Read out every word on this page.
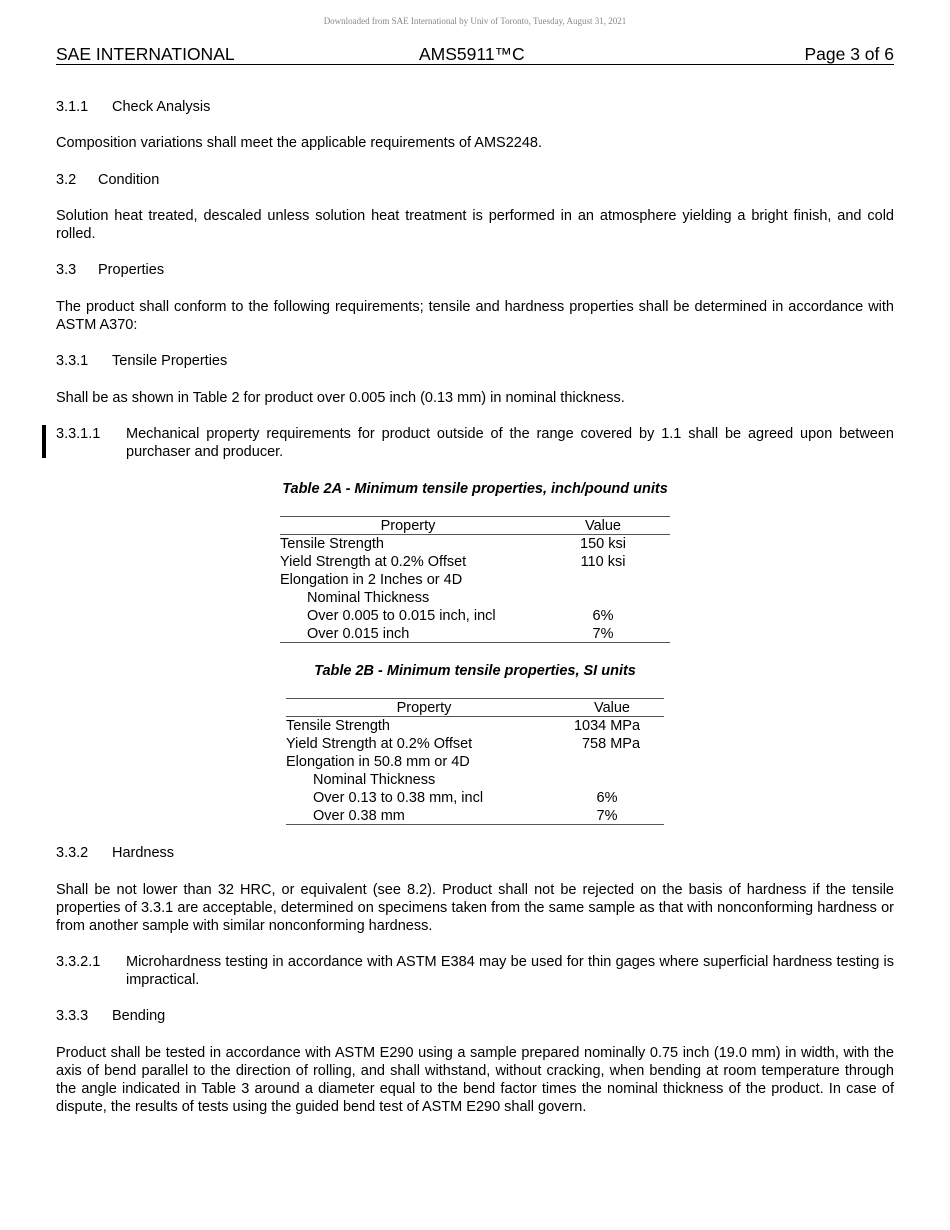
Downloaded from SAE International by Univ of Toronto, Tuesday, August 31, 2021
SAE INTERNATIONAL	AMS5911™C	Page 3 of 6
3.1.1 Check Analysis
Composition variations shall meet the applicable requirements of AMS2248.
3.2 Condition
Solution heat treated, descaled unless solution heat treatment is performed in an atmosphere yielding a bright finish, and cold rolled.
3.3 Properties
The product shall conform to the following requirements; tensile and hardness properties shall be determined in accordance with ASTM A370:
3.3.1 Tensile Properties
Shall be as shown in Table 2 for product over 0.005 inch (0.13 mm) in nominal thickness.
3.3.1.1 Mechanical property requirements for product outside of the range covered by 1.1 shall be agreed upon between purchaser and producer.
Table 2A - Minimum tensile properties, inch/pound units
Property	Value
Tensile Strength	150 ksi
Yield Strength at 0.2% Offset	110 ksi
Elongation in 2 Inches or 4D
Nominal Thickness
Over 0.005 to 0.015 inch, incl	6%
Over 0.015 inch	7%
Table 2B - Minimum tensile properties, SI units
Property	Value
Tensile Strength	1034 MPa
Yield Strength at 0.2% Offset	758 MPa
Elongation in 50.8 mm or 4D
Nominal Thickness
Over 0.13 to 0.38 mm, incl	6%
Over 0.38 mm	7%
3.3.2 Hardness
Shall be not lower than 32 HRC, or equivalent (see 8.2). Product shall not be rejected on the basis of hardness if the tensile properties of 3.3.1 are acceptable, determined on specimens taken from the same sample as that with nonconforming hardness or from another sample with similar nonconforming hardness.
3.3.2.1 Microhardness testing in accordance with ASTM E384 may be used for thin gages where superficial hardness testing is impractical.
3.3.3 Bending
Product shall be tested in accordance with ASTM E290 using a sample prepared nominally 0.75 inch (19.0 mm) in width, with the axis of bend parallel to the direction of rolling, and shall withstand, without cracking, when bending at room temperature through the angle indicated in Table 3 around a diameter equal to the bend factor times the nominal thickness of the product. In case of dispute, the results of tests using the guided bend test of ASTM E290 shall govern.
